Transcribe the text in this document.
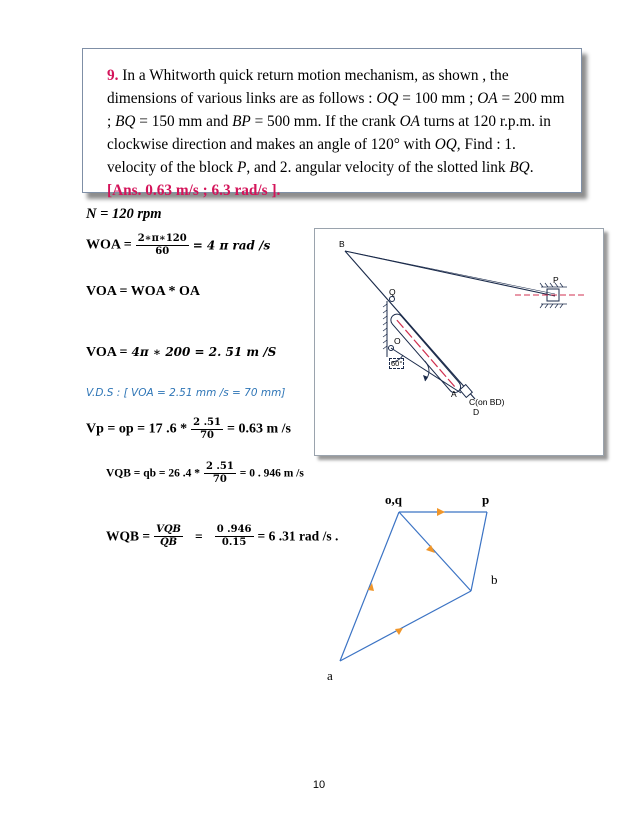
9. In a Whitworth quick return motion mechanism, as shown , the dimensions of various links are as follows : OQ = 100 mm ; OA = 200 mm ; BQ = 150 mm and BP = 500 mm. If the crank OA turns at 120 r.p.m. in clockwise direction and makes an angle of 120° with OQ, Find : 1. velocity of the block P, and 2. angular velocity of the slotted link BQ. [Ans. 0.63 m/s ; 6.3 rad/s ].
N = 120 rpm
WOA = $\frac{2∗\pi∗120}{60} = 4$ π rad /s
VOA = WOA * OA
VOA = 4π ∗ 200 = 2. 51 m /S
V.D.S : [ VOA = 2.51 mm /s = 70 mm]
Vp = op = 17 $.6 * \frac{2 .51}{70} = 0.63$ m /s
VQB = qb = 26 $.4 * \frac{2 .51}{70} = 0$ . 946 m /s
WQB = $\frac{\text{VQB}}{QB} = \frac{0 .946}{0.15} = 6$ .31 rad /s .
B
Q
O
60°
A
C(on BD)
D
P
o,q	p
b
a
10
